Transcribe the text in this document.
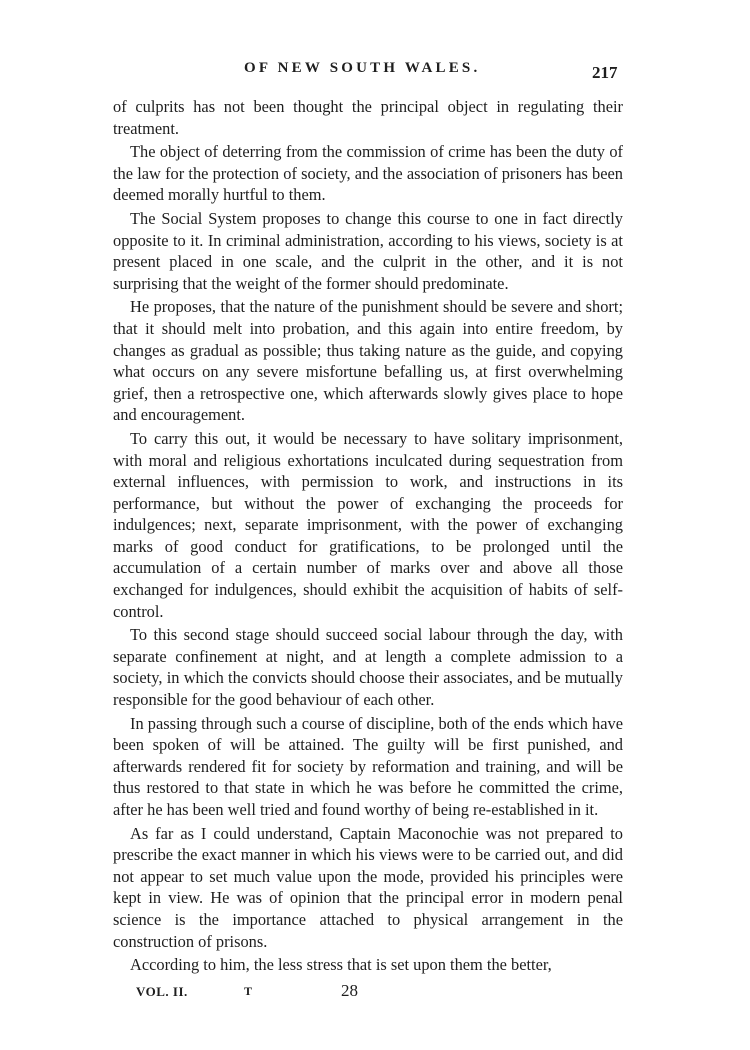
OF NEW SOUTH WALES.	217

of culprits has not been thought the principal object in regulating their treatment.

The object of deterring from the commission of crime has been the duty of the law for the protection of society, and the association of prisoners has been deemed morally hurtful to them.

The Social System proposes to change this course to one in fact directly opposite to it. In criminal administration, according to his views, society is at present placed in one scale, and the culprit in the other, and it is not surprising that the weight of the former should predominate.

He proposes, that the nature of the punishment should be severe and short; that it should melt into probation, and this again into entire freedom, by changes as gradual as possible; thus taking nature as the guide, and copying what occurs on any severe misfortune befalling us, at first overwhelming grief, then a retrospective one, which afterwards slowly gives place to hope and encouragement.

To carry this out, it would be necessary to have solitary imprisonment, with moral and religious exhortations inculcated during sequestration from external influences, with permission to work, and instructions in its performance, but without the power of exchanging the proceeds for indulgences; next, separate imprisonment, with the power of exchanging marks of good conduct for gratifications, to be prolonged until the accumulation of a certain number of marks over and above all those exchanged for indulgences, should exhibit the acquisition of habits of self-control.

To this second stage should succeed social labour through the day, with separate confinement at night, and at length a complete admission to a society, in which the convicts should choose their associates, and be mutually responsible for the good behaviour of each other.

In passing through such a course of discipline, both of the ends which have been spoken of will be attained. The guilty will be first punished, and afterwards rendered fit for society by reformation and training, and will be thus restored to that state in which he was before he committed the crime, after he has been well tried and found worthy of being re-established in it.

As far as I could understand, Captain Maconochie was not prepared to prescribe the exact manner in which his views were to be carried out, and did not appear to set much value upon the mode, provided his principles were kept in view. He was of opinion that the principal error in modern penal science is the importance attached to physical arrangement in the construction of prisons.

According to him, the less stress that is set upon them the better,

VOL. II.	T	28
